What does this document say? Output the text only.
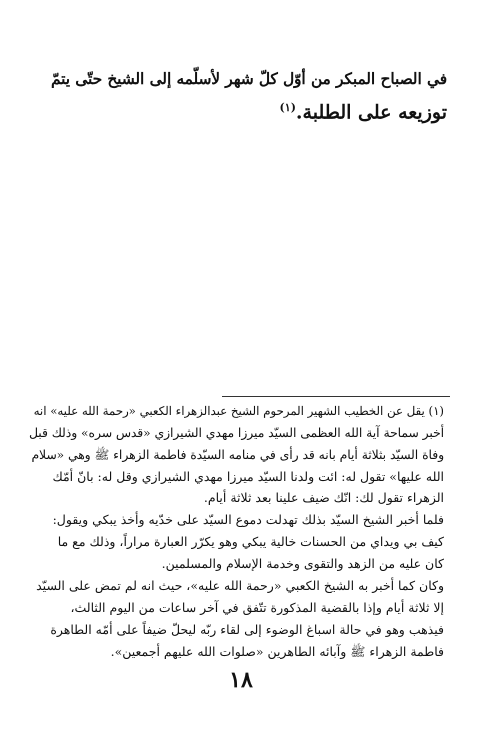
في الصباح المبكر من أوّل كلّ شهر لأسلّمه إلى الشيخ حتّى يتمّ
توزيعه على الطلبة.$^{(١)}$
(١) يقل عن الخطيب الشهير المرحوم الشيخ عبدالزهراء الكعبي «رحمة الله عليه» انه
أخبر سماحة آية الله العظمى السيّد ميرزا مهدي الشيرازي «قدس سره» وذلك قبل
وفاة السيّد بثلاثة أيام بانه قد رأى في منامه السيّدة فاطمة الزهراء ﷺ وهي «سلام
الله عليها» تقول له: ائت ولدنا السيّد ميرزا مهدي الشيرازي وقل له: بانّ أمّك
الزهراء تقول لك: انّك ضيف علينا بعد ثلاثة أيام.
فلما أخبر الشيخ السيّد بذلك تهدلت دموع السيّد على خدّيه وأخذ يبكي ويقول:
كيف بي ويداي من الحسنات خالية يبكي وهو يكرّر العبارة مراراً، وذلك مع ما
كان عليه من الزهد والتقوى وخدمة الإسلام والمسلمين.
وكان كما أخبر به الشيخ الكعبي «رحمة الله عليه»، حيث انه لم تمض على السيّد
إلا ثلاثة أيام وإذا بالقضية المذكورة تتّفق في آخر ساعات من اليوم الثالث،
فيذهب وهو في حالة اسباغ الوضوء إلى لقاء ربّه ليحلّ ضيفاً على أمّه الطاهرة
فاطمة الزهراء ﷺ وآبائه الطاهرين «صلوات الله عليهم أجمعين».
١٨
